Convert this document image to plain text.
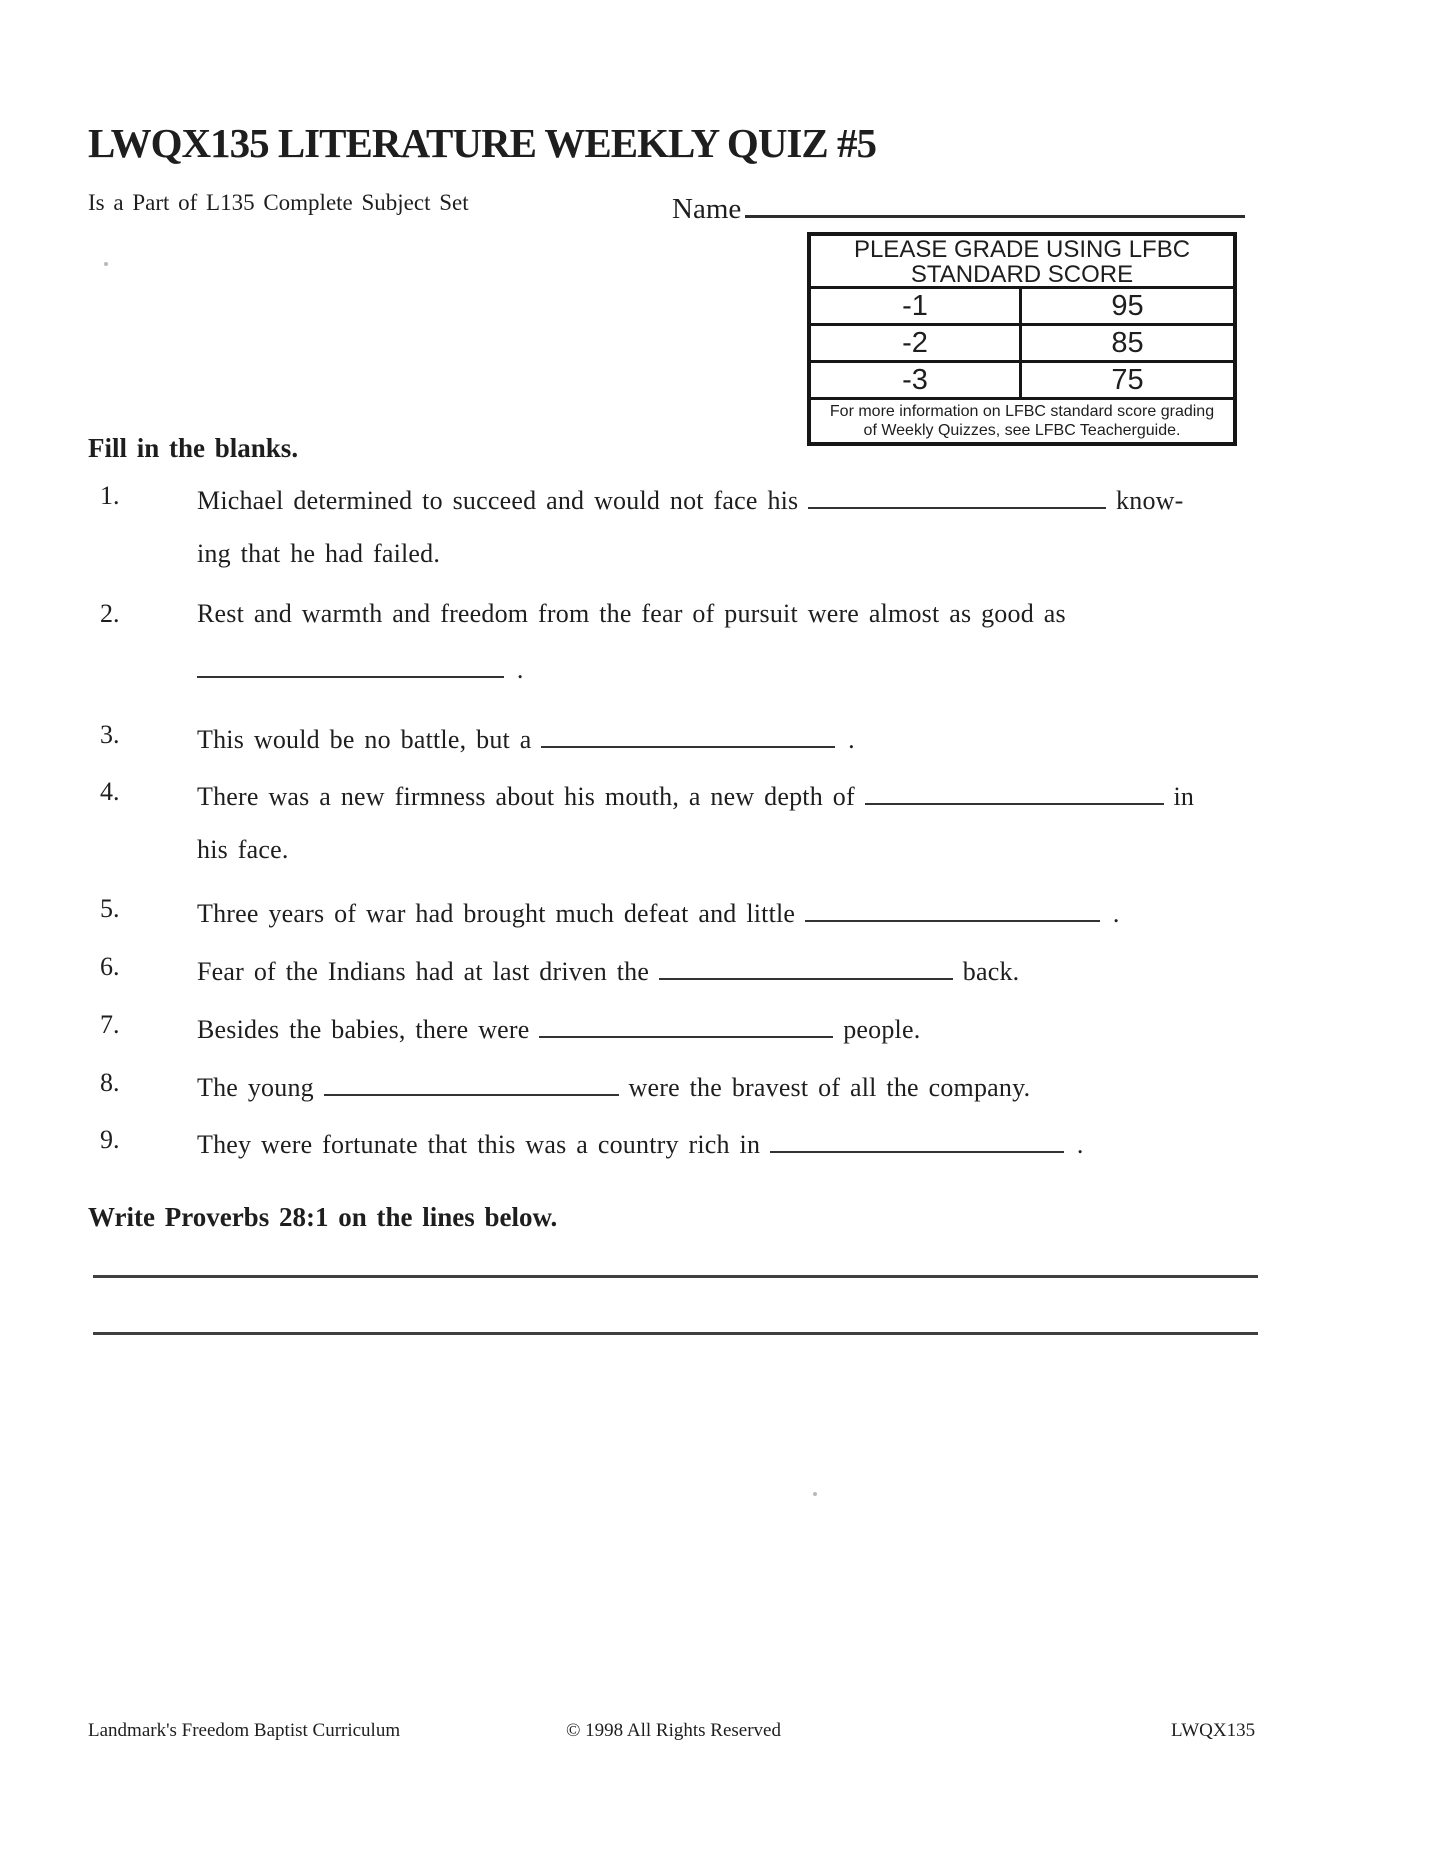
LWQX135 LITERATURE WEEKLY QUIZ #5
Is a Part of L135 Complete Subject Set	Name
PLEASE GRADE USING LFBC
STANDARD SCORE
-1	95
-2	85
-3	75
For more information on LFBC standard score grading
of Weekly Quizzes, see LFBC Teacherguide.
Fill in the blanks.
1.	Michael determined to succeed and would not face his	know-
ing that he had failed.
2.	Rest and warmth and freedom from the fear of pursuit were almost as good as
.
3.	This would be no battle, but a	.
4.	There was a new firmness about his mouth, a new depth of	in
his face.
5.	Three years of war had brought much defeat and little	.
6.	Fear of the Indians had at last driven the	back.
7.	Besides the babies, there were	people.
8.	The young	were the bravest of all the company.
9.	They were fortunate that this was a country rich in	.
Write Proverbs 28:1 on the lines below.
Landmark's Freedom Baptist Curriculum	© 1998 All Rights Reserved	LWQX135
